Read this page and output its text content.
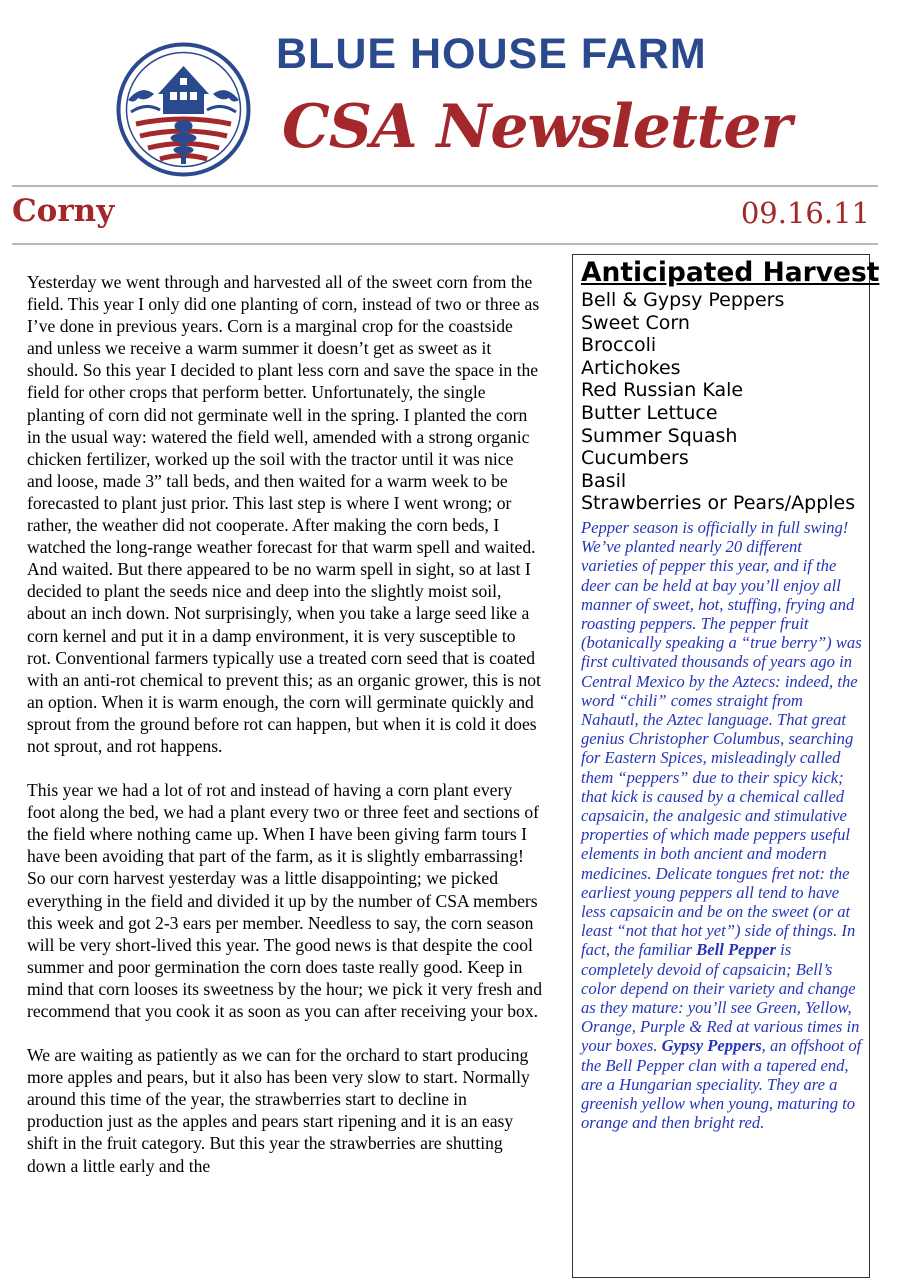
BLUE HOUSE FARM
CSA Newsletter
Corny	09.16.11

Yesterday we went through and harvested all of the sweet corn from the field. This year I only did one planting of corn, instead of two or three as I’ve done in previous years. Corn is a marginal crop for the coastside and unless we receive a warm summer it doesn’t get as sweet as it should. So this year I decided to plant less corn and save the space in the field for other crops that perform better. Unfortunately, the single planting of corn did not germinate well in the spring. I planted the corn in the usual way: watered the field well, amended with a strong organic chicken fertilizer, worked up the soil with the tractor until it was nice and loose, made 3” tall beds, and then waited for a warm week to be forecasted to plant just prior. This last step is where I went wrong; or rather, the weather did not cooperate. After making the corn beds, I watched the long-range weather forecast for that warm spell and waited. And waited. But there appeared to be no warm spell in sight, so at last I decided to plant the seeds nice and deep into the slightly moist soil, about an inch down. Not surprisingly, when you take a large seed like a corn kernel and put it in a damp environment, it is very susceptible to rot. Conventional farmers typically use a treated corn seed that is coated with an anti-rot chemical to prevent this; as an organic grower, this is not an option. When it is warm enough, the corn will germinate quickly and sprout from the ground before rot can happen, but when it is cold it does not sprout, and rot happens.

This year we had a lot of rot and instead of having a corn plant every foot along the bed, we had a plant every two or three feet and sections of the field where nothing came up. When I have been giving farm tours I have been avoiding that part of the farm, as it is slightly embarrassing! So our corn harvest yesterday was a little disappointing; we picked everything in the field and divided it up by the number of CSA members this week and got 2-3 ears per member. Needless to say, the corn season will be very short-lived this year. The good news is that despite the cool summer and poor germination the corn does taste really good. Keep in mind that corn looses its sweetness by the hour; we pick it very fresh and recommend that you cook it as soon as you can after receiving your box.

We are waiting as patiently as we can for the orchard to start producing more apples and pears, but it also has been very slow to start. Normally around this time of the year, the strawberries start to decline in production just as the apples and pears start ripening and it is an easy shift in the fruit category. But this year the strawberries are shutting down a little early and the

Anticipated Harvest
Bell & Gypsy Peppers
Sweet Corn
Broccoli
Artichokes
Red Russian Kale
Butter Lettuce
Summer Squash
Cucumbers
Basil
Strawberries or Pears/Apples
Pepper season is officially in full swing! We’ve planted nearly 20 different varieties of pepper this year, and if the deer can be held at bay you’ll enjoy all manner of sweet, hot, stuffing, frying and roasting peppers. The pepper fruit (botanically speaking a “true berry”) was first cultivated thousands of years ago in Central Mexico by the Aztecs: indeed, the word “chili” comes straight from Nahautl, the Aztec language. That great genius Christopher Columbus, searching for Eastern Spices, misleadingly called them “peppers” due to their spicy kick; that kick is caused by a chemical called capsaicin, the analgesic and stimulative properties of which made peppers useful elements in both ancient and modern medicines. Delicate tongues fret not: the earliest young peppers all tend to have less capsaicin and be on the sweet (or at least “not that hot yet”) side of things. In fact, the familiar Bell Pepper is completely devoid of capsaicin; Bell’s color depend on their variety and change as they mature: you’ll see Green, Yellow, Orange, Purple & Red at various times in your boxes. Gypsy Peppers, an offshoot of the Bell Pepper clan with a tapered end, are a Hungarian speciality. They are a greenish yellow when young, maturing to orange and then bright red.
